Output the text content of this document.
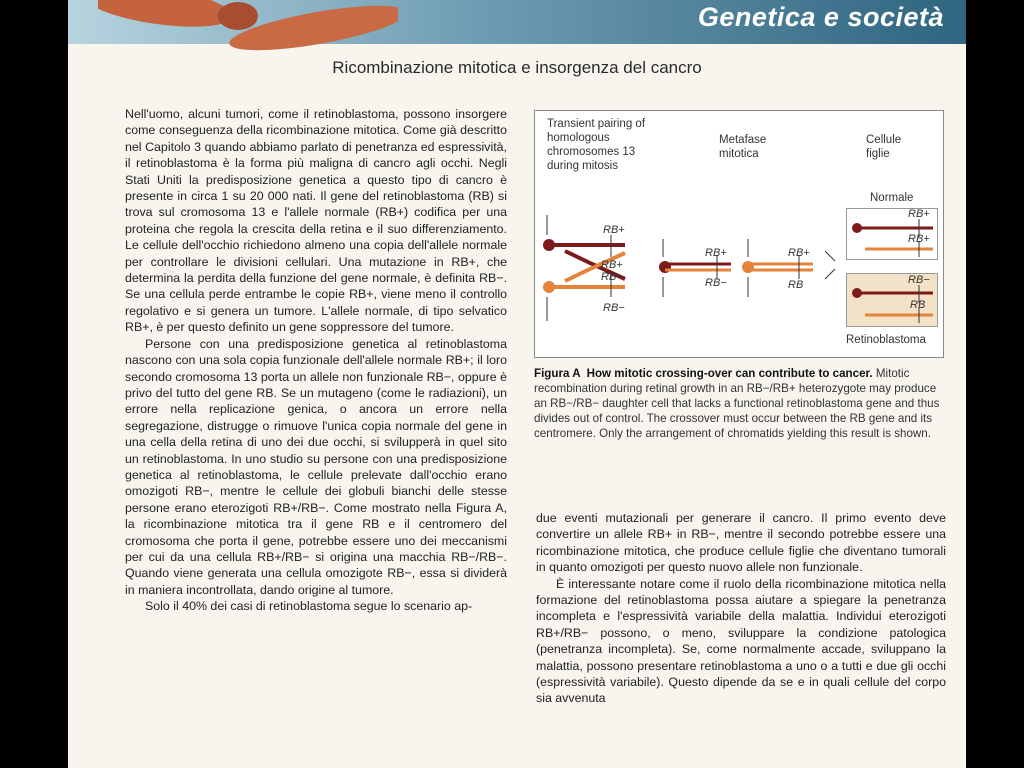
Genetica e società
Ricombinazione mitotica e insorgenza del cancro

Nell'uomo, alcuni tumori, come il retinoblastoma, possono insorgere come conseguenza della ricombinazione mitotica. Come già descritto nel Capitolo 3 quando abbiamo parlato di penetranza ed espressività, il retinoblastoma è la forma più maligna di cancro agli occhi. Negli Stati Uniti la predisposizione genetica a questo tipo di cancro è presente in circa 1 su 20 000 nati. Il gene del retinoblastoma (RB) si trova sul cromosoma 13 e l'allele normale (RB+) codifica per una proteina che regola la crescita della retina e il suo differenziamento. Le cellule dell'occhio richiedono almeno una copia dell'allele normale per controllare le divisioni cellulari. Una mutazione in RB+, che determina la perdita della funzione del gene normale, è definita RB−. Se una cellula perde entrambe le copie RB+, viene meno il controllo regolativo e si genera un tumore. L'allele normale, di tipo selvatico RB+, è per questo definito un gene soppressore del tumore.

Persone con una predisposizione genetica al retinoblastoma nascono con una sola copia funzionale dell'allele normale RB+; il loro secondo cromosoma 13 porta un allele non funzionale RB−, oppure è privo del tutto del gene RB. Se un mutageno (come le radiazioni), un errore nella replicazione genica, o ancora un errore nella segregazione, distrugge o rimuove l'unica copia normale del gene in una cella della retina di uno dei due occhi, si svilupperà in quel sito un retinoblastoma. In uno studio su persone con una predisposizione genetica al retinoblastoma, le cellule prelevate dall'occhio erano omozigoti RB−, mentre le cellule dei globuli bianchi delle stesse persone erano eterozigoti RB+/RB−. Come mostrato nella Figura A, la ricombinazione mitotica tra il gene RB e il centromero del cromosoma che porta il gene, potrebbe essere uno dei meccanismi per cui da una cellula RB+/RB− si origina una macchia RB−/RB−. Quando viene generata una cellula omozigote RB−, essa si dividerà in maniera incontrollata, dando origine al tumore.

Solo il 40% dei casi di retinoblastoma segue lo scenario ap-

Transient pairing of homologous chromosomes 13 during mitosis
Metafase mitotica
Cellule figlie
Normale
Retinoblastoma
RB+
RB+
RB−
RB−
RB+
RB−
RB+
RB
RB+
RB+
RB−
RB
Figura A How mitotic crossing-over can contribute to cancer. Mitotic recombination during retinal growth in an RB−/RB+ heterozygote may produce an RB−/RB− daughter cell that lacks a functional retinoblastoma gene and thus divides out of control. The crossover must occur between the RB gene and its centromere. Only the arrangement of chromatids yielding this result is shown.

due eventi mutazionali per generare il cancro. Il primo evento deve convertire un allele RB+ in RB−, mentre il secondo potrebbe essere una ricombinazione mitotica, che produce cellule figlie che diventano tumorali in quanto omozigoti per questo nuovo allele non funzionale.

È interessante notare come il ruolo della ricombinazione mitotica nella formazione del retinoblastoma possa aiutare a spiegare la penetranza incompleta e l'espressività variabile della malattia. Individui eterozigoti RB+/RB− possono, o meno, sviluppare la condizione patologica (penetranza incompleta). Se, come normalmente accade, sviluppano la malattia, possono presentare retinoblastoma a uno o a tutti e due gli occhi (espressività variabile). Questo dipende da se e in quali cellule del corpo sia avvenuta
